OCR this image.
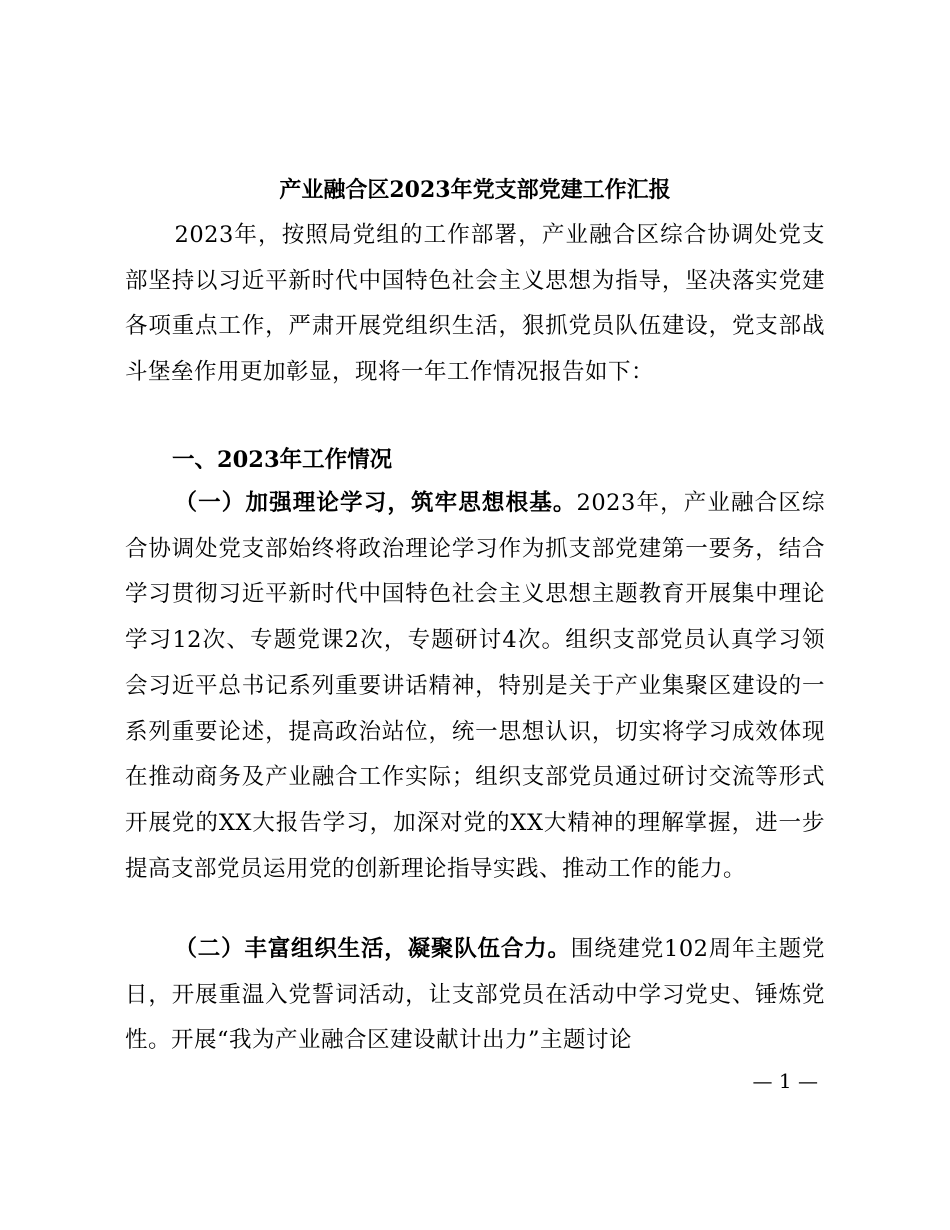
产业融合区2023年党支部党建工作汇报
2023年，按照局党组的工作部署，产业融合区综合协调处党支部坚持以习近平新时代中国特色社会主义思想为指导，坚决落实党建各项重点工作，严肃开展党组织生活，狠抓党员队伍建设，党支部战斗堡垒作用更加彰显，现将一年工作情况报告如下：
一、2023年工作情况
（一）加强理论学习，筑牢思想根基。2023年，产业融合区综合协调处党支部始终将政治理论学习作为抓支部党建第一要务，结合学习贯彻习近平新时代中国特色社会主义思想主题教育开展集中理论学习12次、专题党课2次，专题研讨4次。组织支部党员认真学习领会习近平总书记系列重要讲话精神，特别是关于产业集聚区建设的一系列重要论述，提高政治站位，统一思想认识，切实将学习成效体现在推动商务及产业融合工作实际；组织支部党员通过研讨交流等形式开展党的XX大报告学习，加深对党的XX大精神的理解掌握，进一步提高支部党员运用党的创新理论指导实践、推动工作的能力。
（二）丰富组织生活，凝聚队伍合力。围绕建党102周年主题党日，开展重温入党誓词活动，让支部党员在活动中学习党史、锤炼党性。开展“我为产业融合区建设献计出力”主题讨论
— 1 —
